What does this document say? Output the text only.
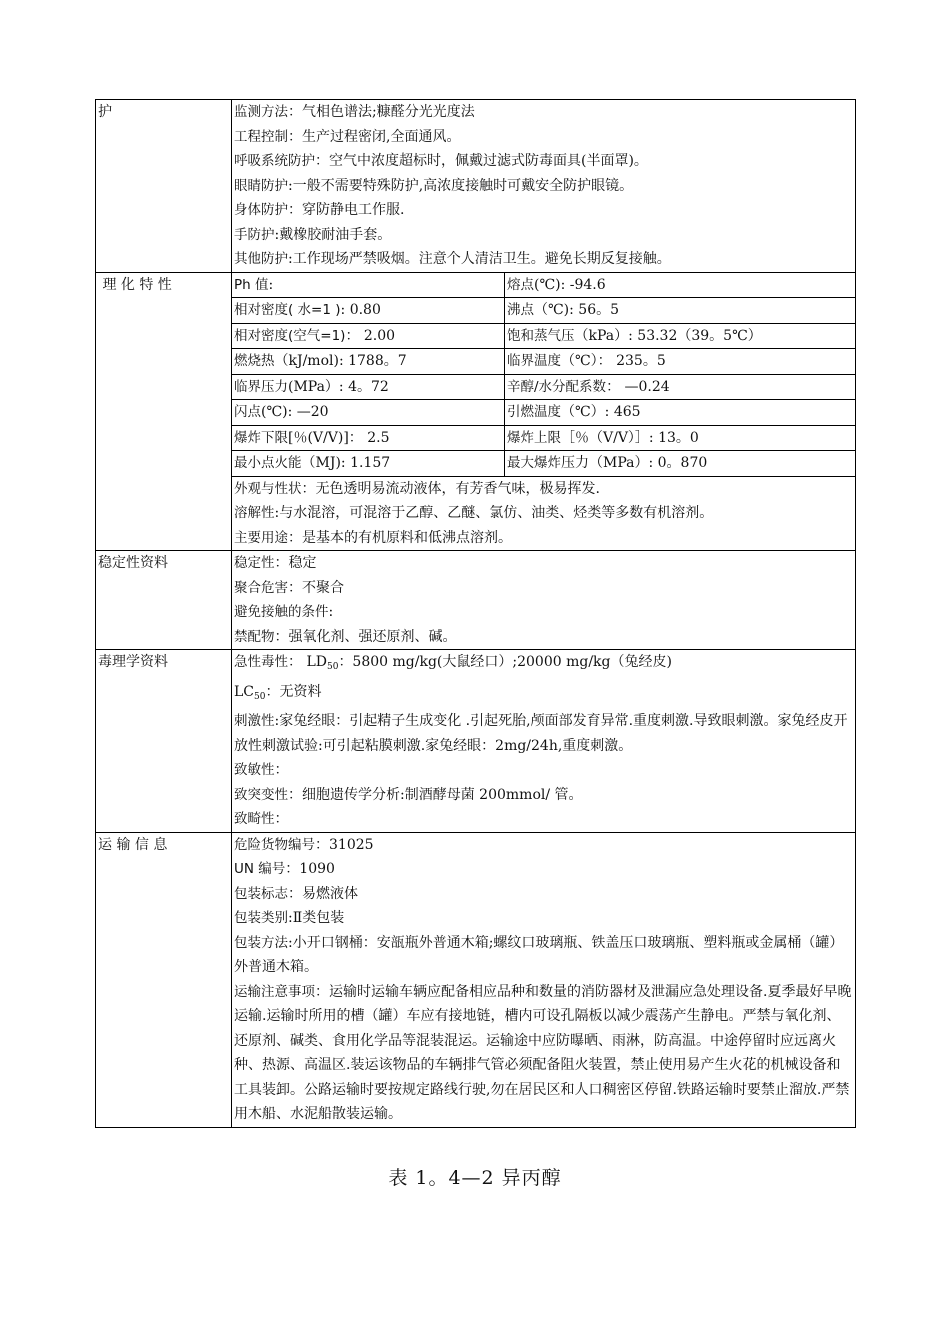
护	监测方法：气相色谱法;糠醛分光光度法
工程控制：生产过程密闭,全面通风。
呼吸系统防护：空气中浓度超标时，佩戴过滤式防毒面具(半面罩)。
眼睛防护:一般不需要特殊防护,高浓度接触时可戴安全防护眼镜。
身体防护：穿防静电工作服.
手防护:戴橡胶耐油手套。
其他防护:工作现场严禁吸烟。注意个人清洁卫生。避免长期反复接触。

理 化 特 性		Ph 值:	熔点(℃): -94.6
相对密度( 水=1 ): 0.80	沸点（℃): 56。5
相对密度(空气=1)： 2.00	饱和蒸气压（kPa）: 53.32（39。5℃）
燃烧热（kJ/mol): 1788。7	临界温度（℃）： 235。5
临界压力(MPa）: 4。72	辛醇/水分配系数： —0.24
闪点(℃): —20	引燃温度（℃）: 465
爆炸下限[％(V/V)]： 2.5	爆炸上限［％（V/V）］: 13。0
最小点火能（MJ): 1.157	最大爆炸压力（MPa）: 0。870
外观与性状：无色透明易流动液体，有芳香气味，极易挥发.
溶解性:与水混溶，可混溶于乙醇、乙醚、氯仿、油类、烃类等多数有机溶剂。
主要用途：是基本的有机原料和低沸点溶剂。

稳定性资料	稳定性：稳定
聚合危害：不聚合
避免接触的条件:
禁配物：强氧化剂、强还原剂、碱。

毒理学资料	急性毒性： $LD_{50}$：5800 mg/kg(大鼠经口）;20000 mg/kg（兔经皮)
$LC_{50}$：无资料
刺激性:家兔经眼：引起精子生成变化 .引起死胎,颅面部发育异常.重度刺激.导致眼刺激。家兔经皮开放性刺激试验:可引起粘膜刺激.家兔经眼：2mg/24h,重度刺激。
致敏性：
致突变性：细胞遗传学分析:制酒酵母菌 200mmol/ 管。
致畸性：

运 输 信 息	危险货物编号：31025
UN 编号：1090
包装标志：易燃液体
包装类别:Ⅱ类包装
包装方法:小开口钢桶：安瓿瓶外普通木箱;螺纹口玻璃瓶、铁盖压口玻璃瓶、塑料瓶或金属桶（罐）外普通木箱。
运输注意事项：运输时运输车辆应配备相应品种和数量的消防器材及泄漏应急处理设备.夏季最好早晚运输.运输时所用的槽（罐）车应有接地链，槽内可设孔隔板以减少震荡产生静电。严禁与氧化剂、还原剂、碱类、食用化学品等混装混运。运输途中应防曝晒、雨淋，防高温。中途停留时应远离火种、热源、高温区.装运该物品的车辆排气管必须配备阻火装置，禁止使用易产生火花的机械设备和工具装卸。公路运输时要按规定路线行驶,勿在居民区和人口稠密区停留.铁路运输时要禁止溜放.严禁用木船、水泥船散装运输。
表 1。4—2 异丙醇
